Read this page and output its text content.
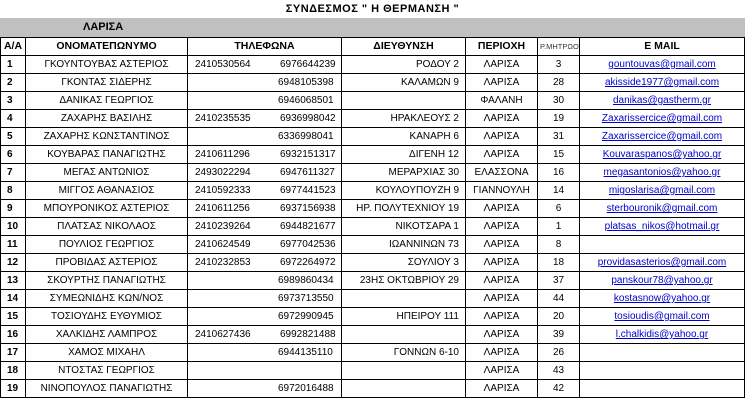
ΣΥΝΔΕΣΜΟΣ " Η ΘΕΡΜΑΝΣΗ "
ΛΑΡΙΣΑ
Α/Α	ΟΝΟΜΑΤΕΠΩΝΥΜΟ	ΤΗΛΕΦΩΝΑ	ΔΙΕΥΘΥΝΣΗ	ΠΕΡΙΟΧΗ	Ρ.ΜΗΤΡΩΟ	E MAIL
1	ΓΚΟΥΝΤΟΥΒΑΣ ΑΣΤΕΡΙΟΣ	2410530564 6976644239	ΡΟΔΟΥ 2	ΛΑΡΙΣΑ	3	gountouvas@gmail.com
2	ΓΚΟΝΤΑΣ ΣΙΔΕΡΗΣ	6948105398	ΚΑΛΑΜΩΝ 9	ΛΑΡΙΣΑ	28	akisside1977@gmail.com
3	ΔΑΝΙΚΑΣ ΓΕΩΡΓΙΟΣ	6946068501		ΦΑΛΑΝΗ	30	danikas@gastherm.gr
4	ΖΑΧΑΡΗΣ ΒΑΣΙΛΗΣ	2410235535 6936998042	ΗΡΑΚΛΕΟΥΣ 2	ΛΑΡΙΣΑ	19	Zaxarissercice@gmail.com
5	ΖΑΧΑΡΗΣ ΚΩΝΣΤΑΝΤΙΝΟΣ	6336998041	ΚΑΝΑΡΗ 6	ΛΑΡΙΣΑ	31	Zaxarissercice@gmail.com
6	ΚΟΥΒΑΡΑΣ ΠΑΝΑΓΙΩΤΗΣ	2410611296 6932151317	ΔΙΓΕΝΗ 12	ΛΑΡΙΣΑ	15	Kouvaraspanos@yahoo.gr
7	ΜΕΓΑΣ ΑΝΤΩΝΙΟΣ	2493022294 6947611327	ΜΕΡΑΡΧΙΑΣ 30	ΕΛΑΣΣΟΝΑ	16	megasantonios@yahoo.gr
8	ΜΙΓΓΟΣ ΑΘΑΝΑΣΙΟΣ	2410592333 6977441523	ΚΟΥΛΟΥΠΟΥΖΗ 9	ΓΙΑΝΝΟΥΛΗ	14	migoslarisa@gmail.com
9	ΜΠΟΥΡΟΝΙΚΟΣ ΑΣΤΕΡΙΟΣ	2410611256 6937156938	ΗΡ. ΠΟΛΥΤΕΧΝΙΟΥ 19	ΛΑΡΙΣΑ	6	sterbouronik@gmail.com
10	ΠΛΑΤΣΑΣ ΝΙΚΟΛΑΟΣ	2410239264 6944821677	ΝΙΚΟΤΣΑΡΑ 1	ΛΑΡΙΣΑ	1	platsas_nikos@hotmail.gr
11	ΠΟΥΛΙΟΣ ΓΕΩΡΓΙΟΣ	2410624549 6977042536	ΙΩΑΝΝΙΝΩΝ 73	ΛΑΡΙΣΑ	8	
12	ΠΡΟΒΙΔΑΣ ΑΣΤΕΡΙΟΣ	2410232853 6972264972	ΣΟΥΛΙΟΥ 3	ΛΑΡΙΣΑ	18	providasasterios@gmail.com
13	ΣΚΟΥΡΤΗΣ ΠΑΝΑΓΙΩΤΗΣ	6989860434	23ΗΣ ΟΚΤΩΒΡΙΟΥ 29	ΛΑΡΙΣΑ	37	panskour78@yahoo.gr
14	ΣΥΜΕΩΝΙΔΗΣ ΚΩΝ/ΝΟΣ	6973713550		ΛΑΡΙΣΑ	44	kostasnow@yahoo.gr
15	ΤΟΣΙΟΥΔΗΣ ΕΥΘΥΜΙΟΣ	6972990945	ΗΠΕΙΡΟΥ 111	ΛΑΡΙΣΑ	20	tosioudis@gmail.com
16	ΧΑΛΚΙΔΗΣ ΛΑΜΠΡΟΣ	2410627436 6992821488		ΛΑΡΙΣΑ	39	l.chalkidis@yahoo.gr
17	ΧΑΜΟΣ ΜΙΧΑΗΛ	6944135110	ΓΟΝΝΩΝ 6-10	ΛΑΡΙΣΑ	26	
18	ΝΤΟΣΤΑΣ ΓΕΩΡΓΙΟΣ			ΛΑΡΙΣΑ	43	
19	ΝΙΝΟΠΟΥΛΟΣ ΠΑΝΑΓΙΩΤΗΣ	6972016488		ΛΑΡΙΣΑ	42	
